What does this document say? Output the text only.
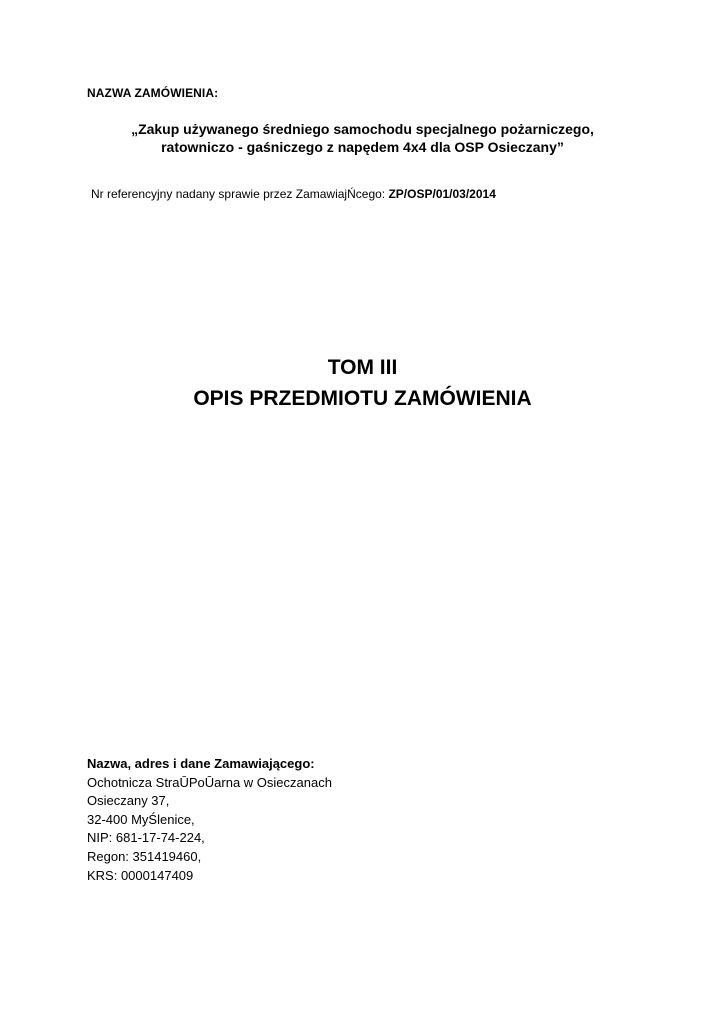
NAZWA ZAMÓWIENIA:
„Zakup używanego średniego samochodu specjalnego pożarniczego,
ratowniczo - gaśniczego z napędem 4x4 dla OSP Osieczany”
Nr referencyjny nadany sprawie przez ZamawiajŃcego: ZP/OSP/01/03/2014
TOM III
OPIS PRZEDMIOTU ZAMÓWIENIA
Nazwa, adres i dane Zamawiającego:
Ochotnicza StraŪPoŪarna w Osieczanach
Osieczany 37,
32-400 MyŚlenice,
NIP: 681-17-74-224,
Regon: 351419460,
KRS: 0000147409
